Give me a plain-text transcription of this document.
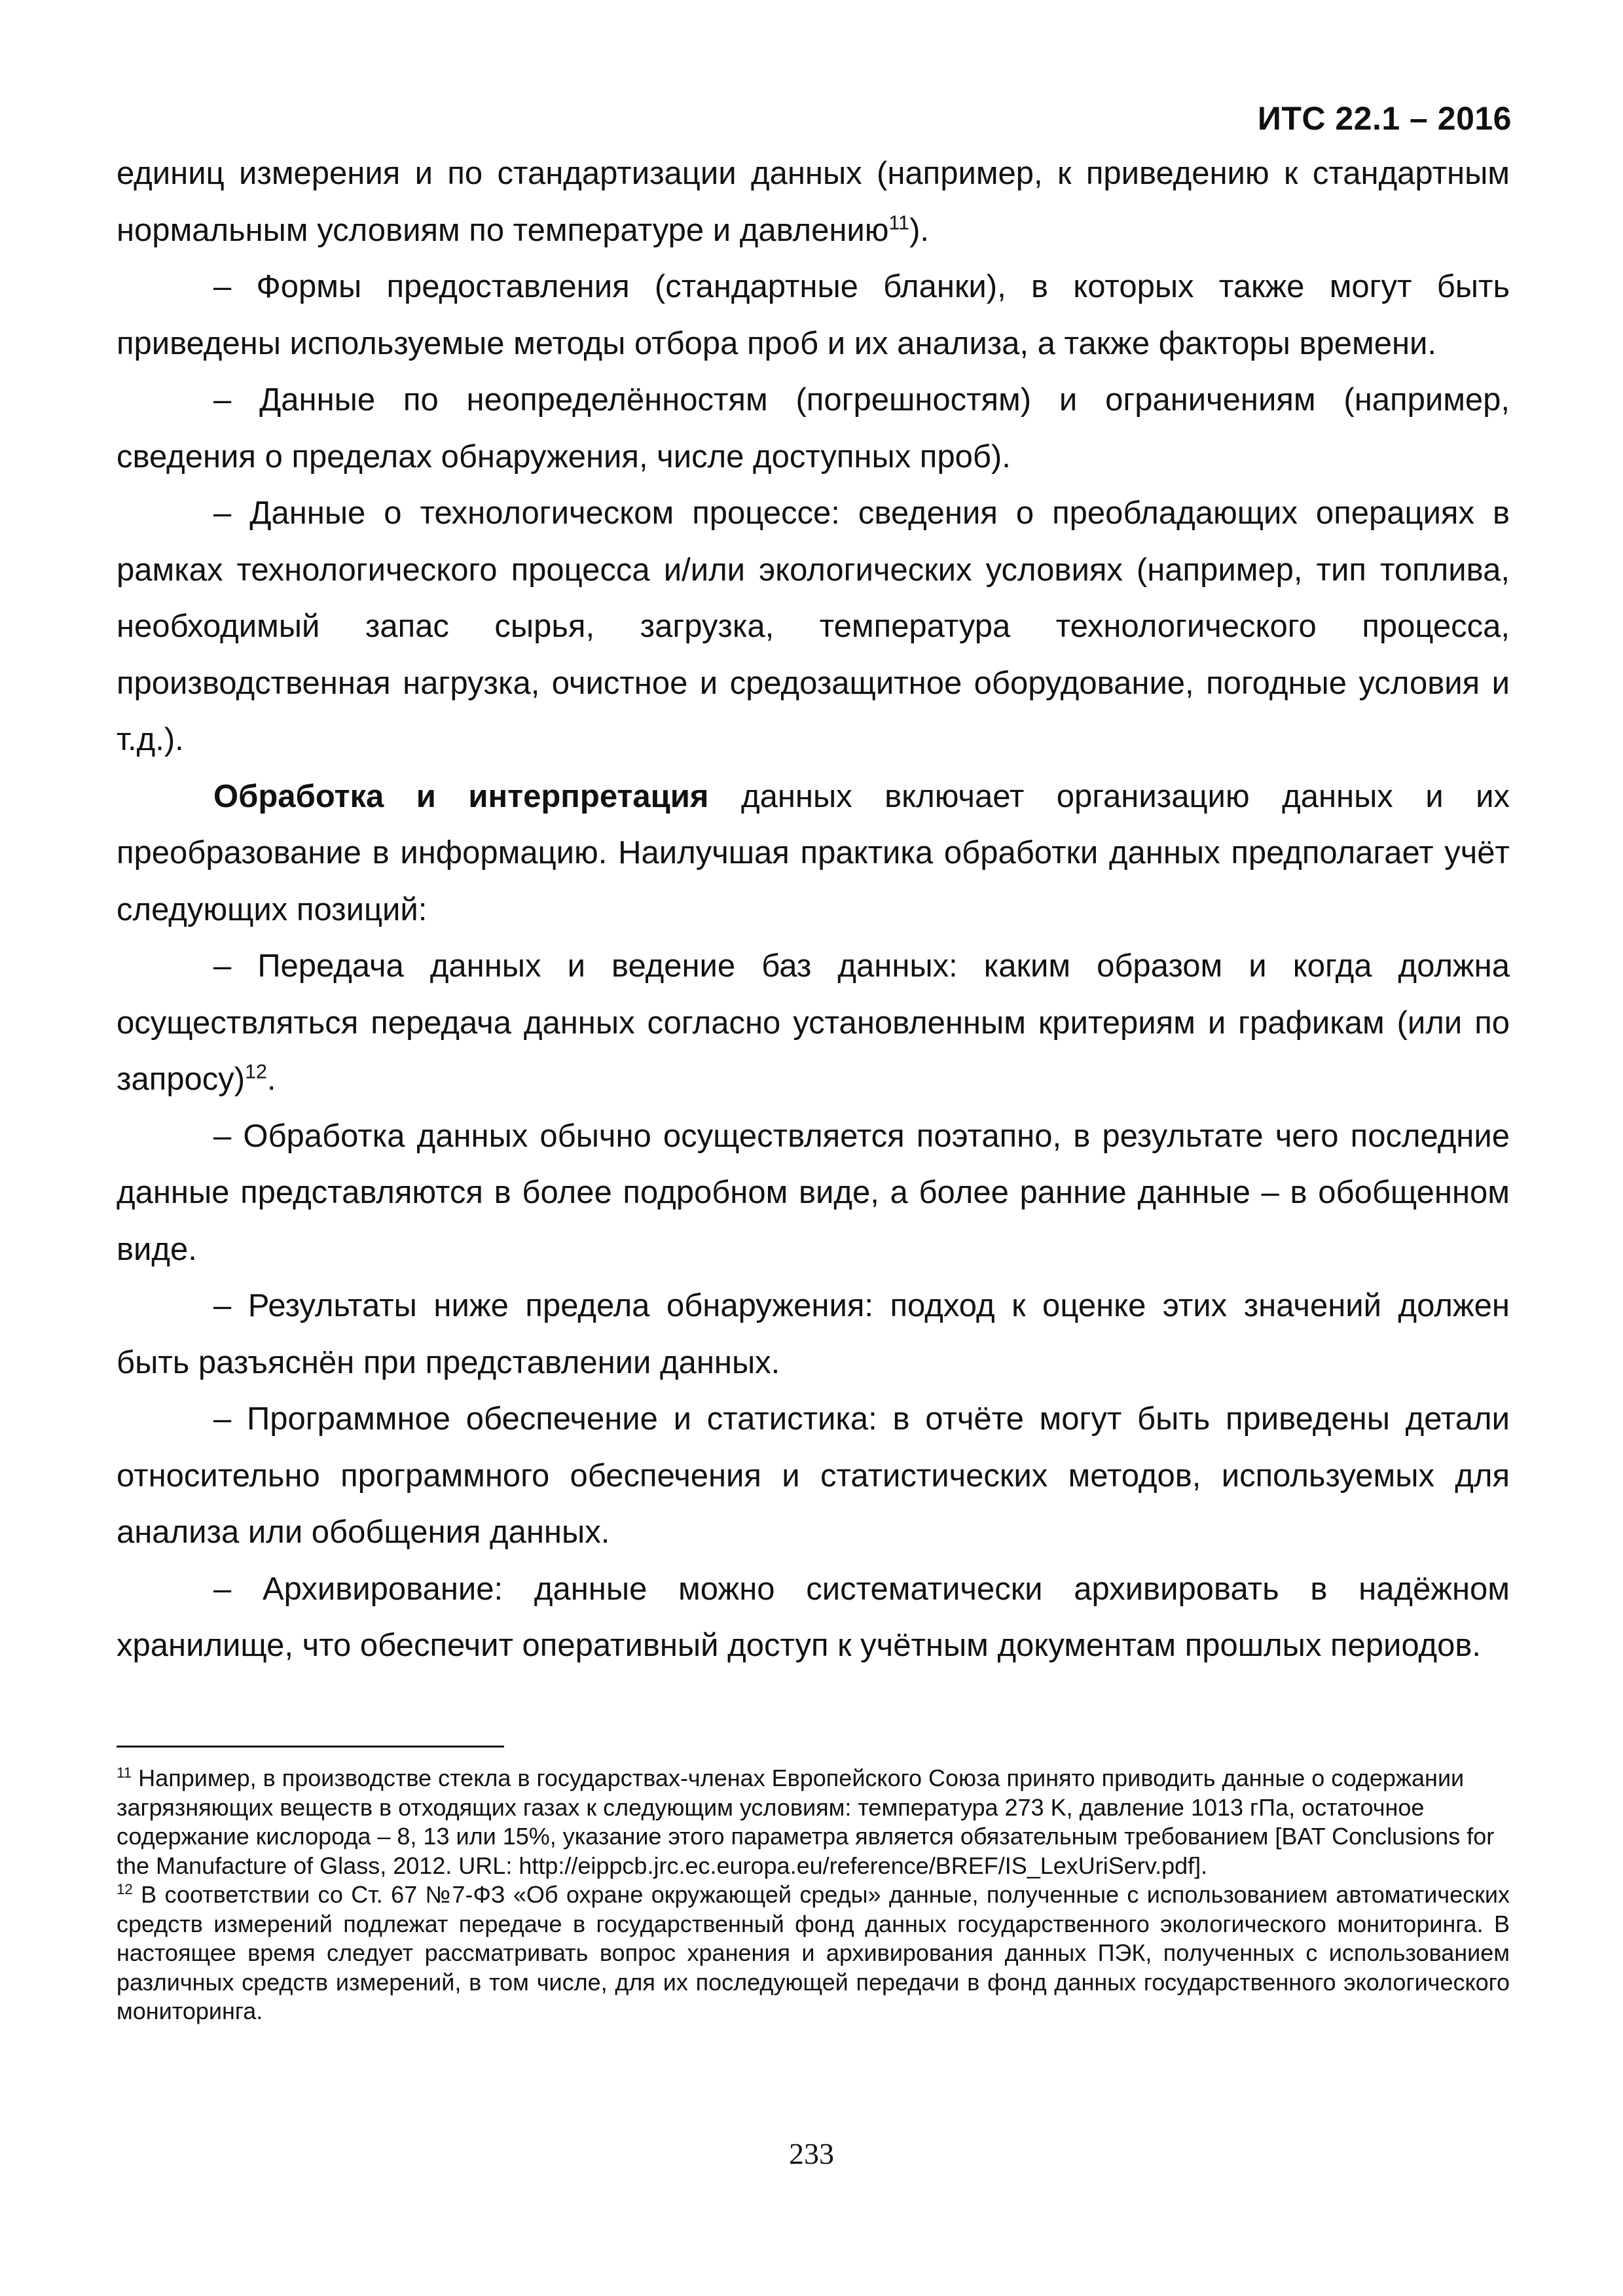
ИТС 22.1 – 2016

единиц измерения и по стандартизации данных (например, к приведению к стандартным нормальным условиям по температуре и давлению$^{11}$).

– Формы предоставления (стандартные бланки), в которых также могут быть приведены используемые методы отбора проб и их анализа, а также факторы времени.

– Данные по неопределённостям (погрешностям) и ограничениям (например, сведения о пределах обнаружения, числе доступных проб).

– Данные о технологическом процессе: сведения о преобладающих операциях в рамках технологического процесса и/или экологических условиях (например, тип топлива, необходимый запас сырья, загрузка, температура технологического процесса, производственная нагрузка, очистное и средозащитное оборудование, погодные условия и т.д.).

Обработка и интерпретация данных включает организацию данных и их преобразование в информацию. Наилучшая практика обработки данных предполагает учёт следующих позиций:

– Передача данных и ведение баз данных: каким образом и когда должна осуществляться передача данных согласно установленным критериям и графикам (или по запросу)$^{12}$.

– Обработка данных обычно осуществляется поэтапно, в результате чего последние данные представляются в более подробном виде, а более ранние данные – в обобщенном виде.

– Результаты ниже предела обнаружения: подход к оценке этих значений должен быть разъяснён при представлении данных.

– Программное обеспечение и статистика: в отчёте могут быть приведены детали относительно программного обеспечения и статистических методов, используемых для анализа или обобщения данных.

– Архивирование: данные можно систематически архивировать в надёжном хранилище, что обеспечит оперативный доступ к учётным документам прошлых периодов.

$^{11}$ Например, в производстве стекла в государствах-членах Европейского Союза принято приводить данные о содержании загрязняющих веществ в отходящих газах к следующим условиям: температура 273 K, давление 1013 гПа, остаточное содержание кислорода – 8, 13 или 15%, указание этого параметра является обязательным требованием [BAT Conclusions for the Manufacture of Glass, 2012. URL: http://eippcb.jrc.ec.europa.eu/reference/BREF/IS_LexUriServ.pdf].

$^{12}$ В соответствии со Ст. 67 №7-ФЗ «Об охране окружающей среды» данные, полученные с использованием автоматических средств измерений подлежат передаче в государственный фонд данных государственного экологического мониторинга. В настоящее время следует рассматривать вопрос хранения и архивирования данных ПЭК, полученных с использованием различных средств измерений, в том числе, для их последующей передачи в фонд данных государственного экологического мониторинга.

233
